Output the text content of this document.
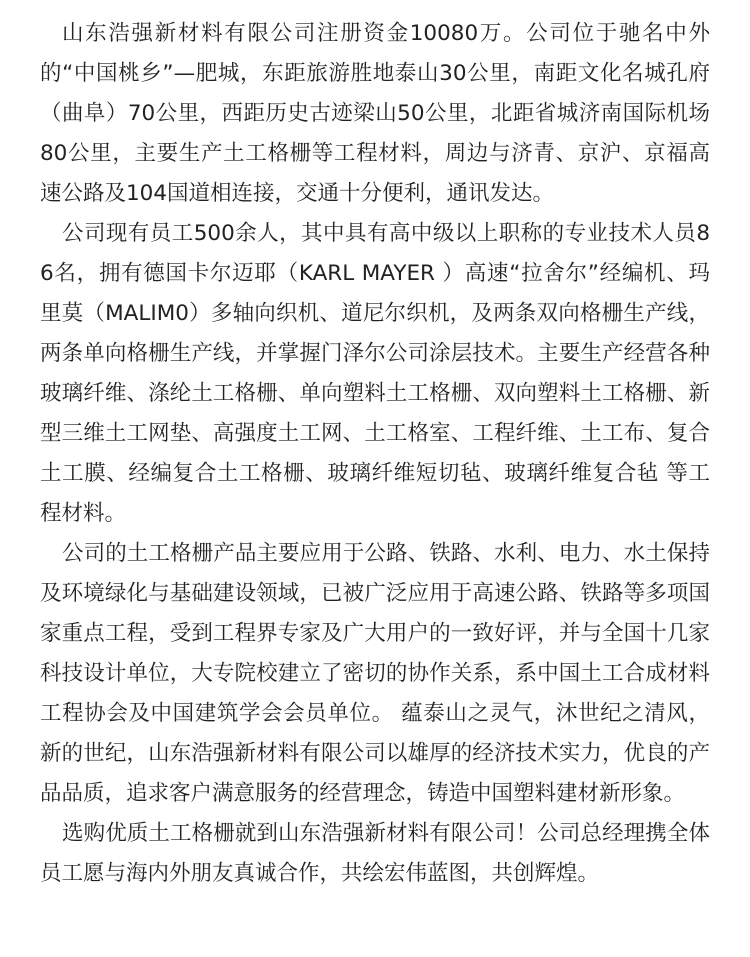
山东浩强新材料有限公司注册资金10080万。公司位于驰名中外的“中国桃乡”—肥城，东距旅游胜地泰山30公里，南距文化名城孔府（曲阜）70公里，西距历史古迹梁山50公里，北距省城济南国际机场80公里，主要生产土工格栅等工程材料，周边与济青、京沪、京福高速公路及104国道相连接，交通十分便利，通讯发达。

公司现有员工500余人，其中具有高中级以上职称的专业技术人员86名，拥有德国卡尔迈耶（KARL MAYER ）高速“拉舍尔”经编机、玛里莫（MALIM0）多轴向织机、道尼尔织机，及两条双向格栅生产线，两条单向格栅生产线，并掌握门泽尔公司涂层技术。主要生产经营各种玻璃纤维、涤纶土工格栅、单向塑料土工格栅、双向塑料土工格栅、新型三维土工网垫、高强度土工网、土工格室、工程纤维、土工布、复合土工膜、经编复合土工格栅、玻璃纤维短切毡、玻璃纤维复合毡 等工程材料。

公司的土工格栅产品主要应用于公路、铁路、水利、电力、水土保持及环境绿化与基础建设领域，已被广泛应用于高速公路、铁路等多项国家重点工程，受到工程界专家及广大用户的一致好评，并与全国十几家科技设计单位，大专院校建立了密切的协作关系，系中国土工合成材料工程协会及中国建筑学会会员单位。 蕴泰山之灵气，沐世纪之清风，新的世纪，山东浩强新材料有限公司以雄厚的经济技术实力，优良的产品品质，追求客户满意服务的经营理念，铸造中国塑料建材新形象。

选购优质土工格栅就到山东浩强新材料有限公司！公司总经理携全体员工愿与海内外朋友真诚合作，共绘宏伟蓝图，共创辉煌。
